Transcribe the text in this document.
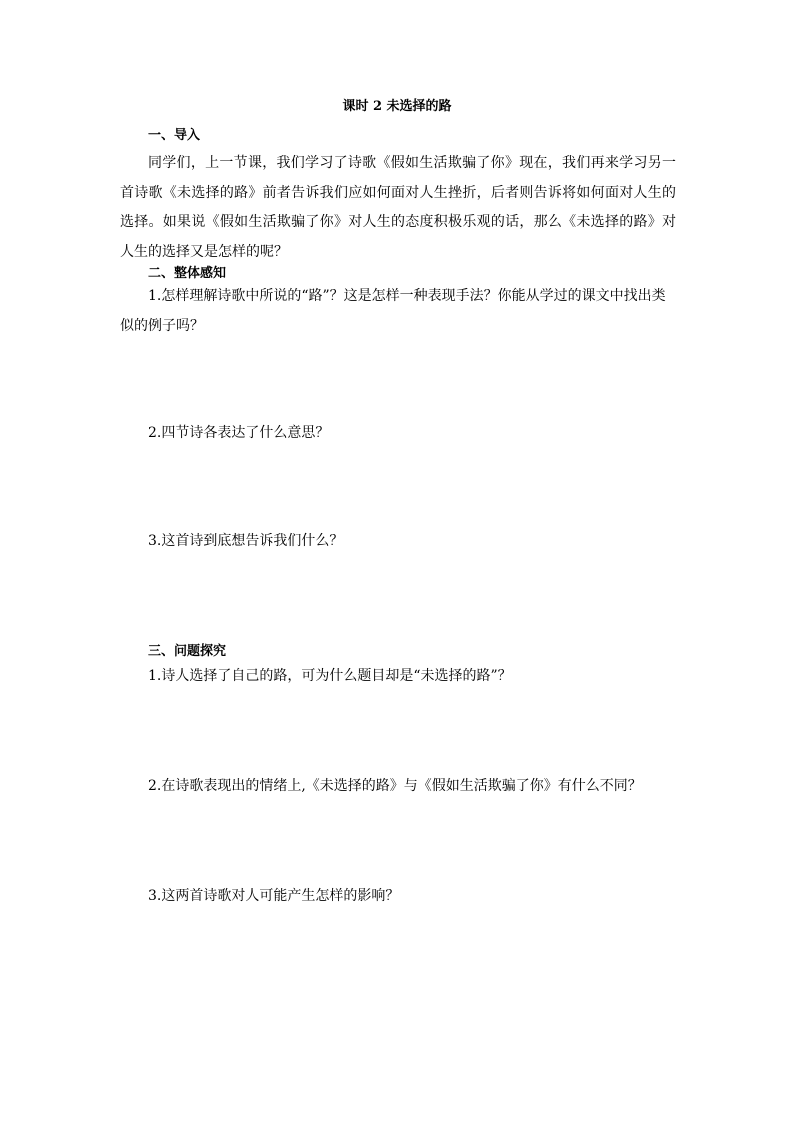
课时 2 未选择的路
一、导入
同学们，上一节课，我们学习了诗歌《假如生活欺骗了你》现在，我们再来学习另一首诗歌《未选择的路》前者告诉我们应如何面对人生挫折，后者则告诉将如何面对人生的选择。如果说《假如生活欺骗了你》对人生的态度积极乐观的话，那么《未选择的路》对人生的选择又是怎样的呢？
二、整体感知
1.怎样理解诗歌中所说的“路”？这是怎样一种表现手法？你能从学过的课文中找出类似的例子吗？
2.四节诗各表达了什么意思？
3.这首诗到底想告诉我们什么？
三、问题探究
1.诗人选择了自己的路，可为什么题目却是“未选择的路”？
2.在诗歌表现出的情绪上,《未选择的路》与《假如生活欺骗了你》有什么不同？
3.这两首诗歌对人可能产生怎样的影响？
